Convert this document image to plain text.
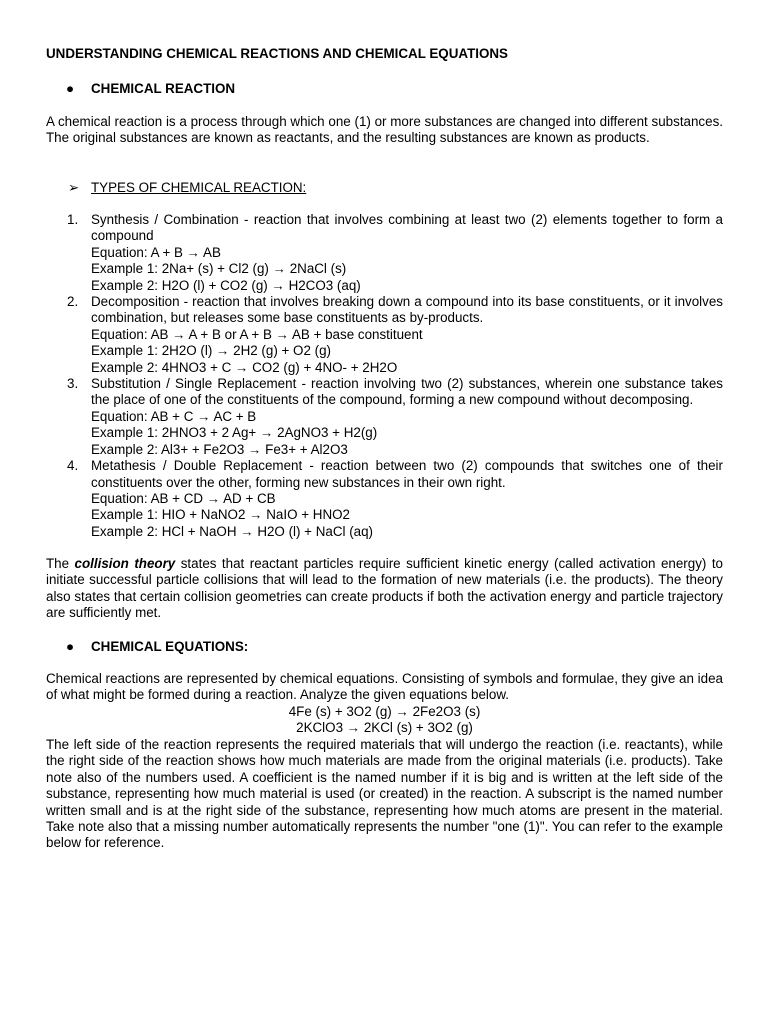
UNDERSTANDING CHEMICAL REACTIONS AND CHEMICAL EQUATIONS
●	CHEMICAL REACTION
A chemical reaction is a process through which one (1) or more substances are changed into different substances. The original substances are known as reactants, and the resulting substances are known as products.
➢ TYPES OF CHEMICAL REACTION:
1. Synthesis / Combination - reaction that involves combining at least two (2) elements together to form a compound
Equation: A + B → AB
Example 1: 2Na+ (s) + Cl2 (g) → 2NaCl (s)
Example 2: H2O (l) + CO2 (g) → H2CO3 (aq)
2. Decomposition - reaction that involves breaking down a compound into its base constituents, or it involves combination, but releases some base constituents as by-products.
Equation: AB → A + B or A + B → AB + base constituent
Example 1: 2H2O (l) → 2H2 (g) + O2 (g)
Example 2: 4HNO3 + C → CO2 (g) + 4NO- + 2H2O
3. Substitution / Single Replacement - reaction involving two (2) substances, wherein one substance takes the place of one of the constituents of the compound, forming a new compound without decomposing.
Equation: AB + C → AC + B
Example 1: 2HNO3 + 2 Ag+ → 2AgNO3 + H2(g)
Example 2: Al3+ + Fe2O3 → Fe3+ + Al2O3
4. Metathesis / Double Replacement - reaction between two (2) compounds that switches one of their constituents over the other, forming new substances in their own right.
Equation: AB + CD → AD + CB
Example 1: HIO + NaNO2 → NaIO + HNO2
Example 2: HCl + NaOH → H2O (l) + NaCl (aq)
The collision theory states that reactant particles require sufficient kinetic energy (called activation energy) to initiate successful particle collisions that will lead to the formation of new materials (i.e. the products). The theory also states that certain collision geometries can create products if both the activation energy and particle trajectory are sufficiently met.
●	CHEMICAL EQUATIONS:
Chemical reactions are represented by chemical equations. Consisting of symbols and formulae, they give an idea of what might be formed during a reaction. Analyze the given equations below.
4Fe (s) + 3O2 (g) → 2Fe2O3 (s)
2KClO3 → 2KCl (s) + 3O2 (g)
The left side of the reaction represents the required materials that will undergo the reaction (i.e. reactants), while the right side of the reaction shows how much materials are made from the original materials (i.e. products). Take note also of the numbers used. A coefficient is the named number if it is big and is written at the left side of the substance, representing how much material is used (or created) in the reaction. A subscript is the named number written small and is at the right side of the substance, representing how much atoms are present in the material. Take note also that a missing number automatically represents the number "one (1)". You can refer to the example below for reference.
